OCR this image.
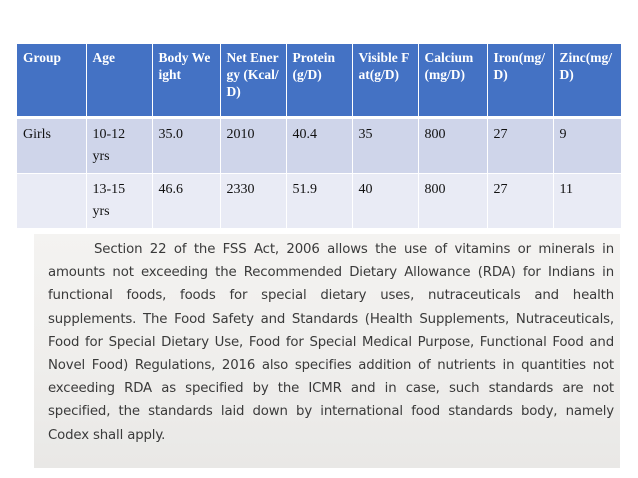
Group	Age	Body Weight	Net Energy (Kcal/D)	Protein (g/D)	Visible Fat(g/D)	Calcium(mg/D)	Iron(mg/D)	Zinc(mg/D)
Girls	10-12 yrs	35.0	2010	40.4	35	800	27	9
	13-15 yrs	46.6	2330	51.9	40	800	27	11

Section 22 of the FSS Act, 2006 allows the use of vitamins or minerals in
amounts not exceeding the Recommended Dietary Allowance (RDA) for Indians in
functional foods, foods for special dietary uses, nutraceuticals and health
supplements. The Food Safety and Standards (Health Supplements, Nutraceuticals,
Food for Special Dietary Use, Food for Special Medical Purpose, Functional Food and
Novel Food) Regulations, 2016 also specifies addition of nutrients in quantities not
exceeding RDA as specified by the ICMR and in case, such standards are not
specified, the standards laid down by international food standards body, namely
Codex shall apply.
